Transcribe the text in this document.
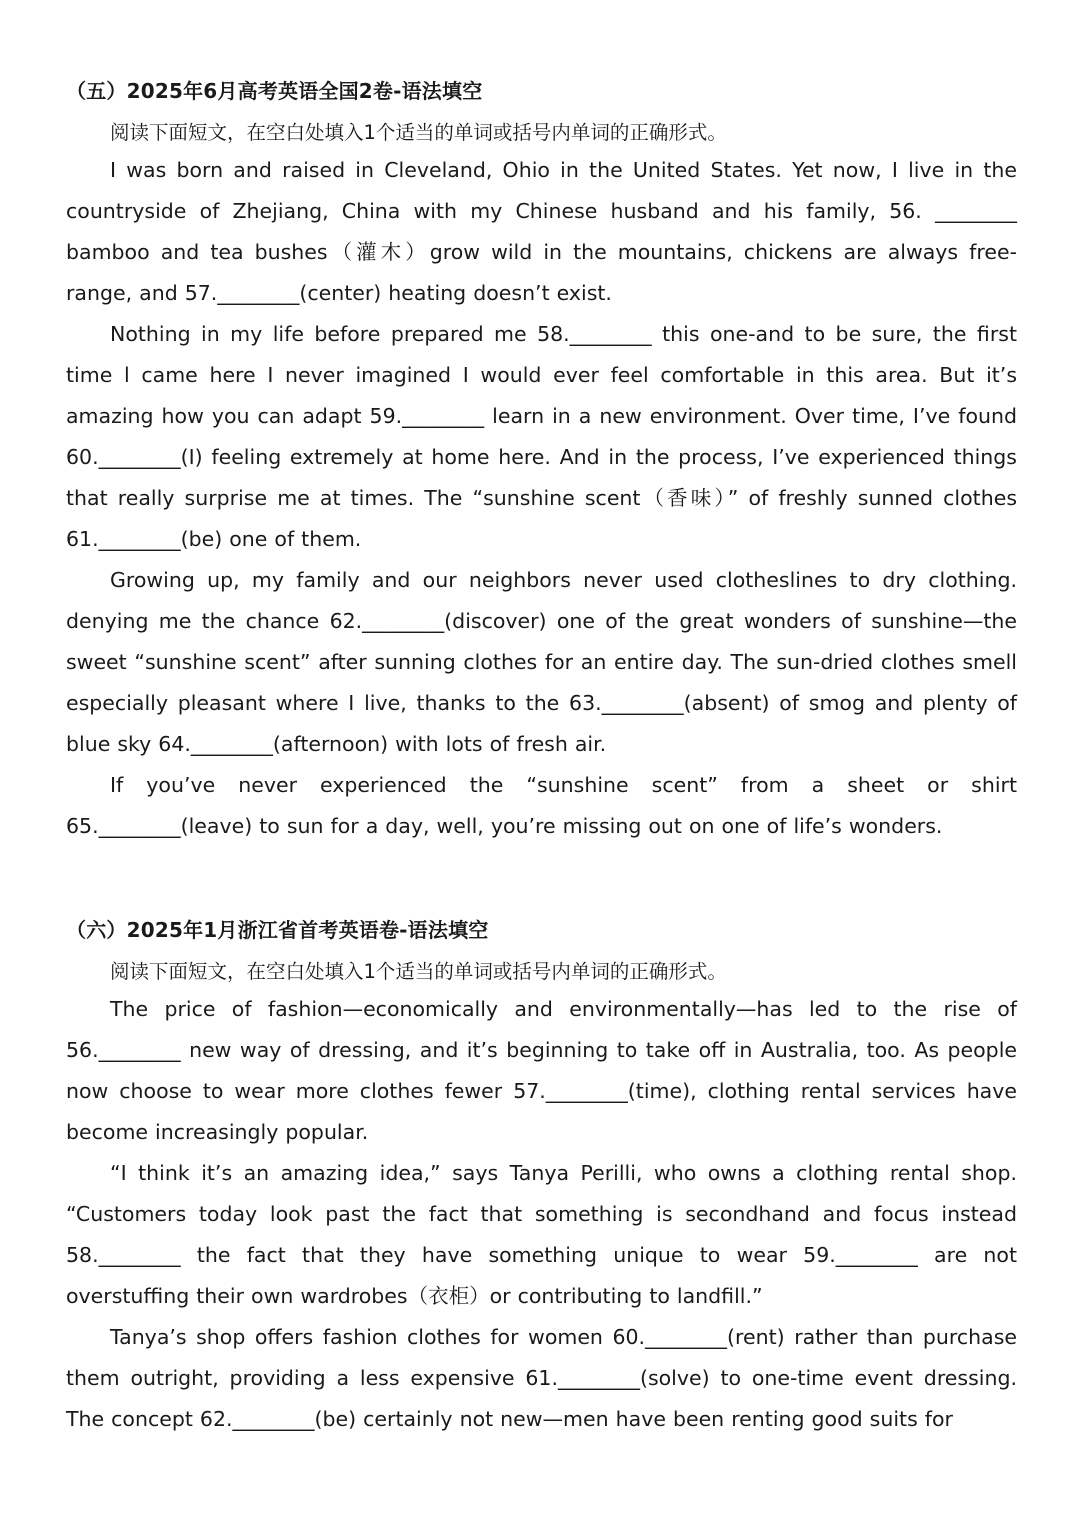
（五）2025年6月高考英语全国2卷-语法填空

阅读下面短文，在空白处填入1个适当的单词或括号内单词的正确形式。

I was born and raised in Cleveland, Ohio in the United States. Yet now, I live in the countryside of Zhejiang, China with my Chinese husband and his family, 56. ________ bamboo and tea bushes（灌木）grow wild in the mountains, chickens are always free-range, and 57.________(center) heating doesn’t exist.

Nothing in my life before prepared me 58.________ this one-and to be sure, the first time l came here I never imagined I would ever feel comfortable in this area. But it’s amazing how you can adapt 59.________ learn in a new environment. Over time, I’ve found 60.________(I) feeling extremely at home here. And in the process, I’ve experienced things that really surprise me at times. The “sunshine scent（香味）” of freshly sunned clothes 61.________(be) one of them.

Growing up, my family and our neighbors never used clotheslines to dry clothing. denying me the chance 62.________(discover) one of the great wonders of sunshine—the sweet “sunshine scent” after sunning clothes for an entire day. The sun-dried clothes smell especially pleasant where I live, thanks to the 63.________(absent) of smog and plenty of blue sky 64.________(afternoon) with lots of fresh air.

If you’ve never experienced the “sunshine scent” from a sheet or shirt 65.________(leave) to sun for a day, well, you’re missing out on one of life’s wonders.

（六）2025年1月浙江省首考英语卷-语法填空

阅读下面短文，在空白处填入1个适当的单词或括号内单词的正确形式。

The price of fashion—economically and environmentally—has led to the rise of 56.________ new way of dressing, and it’s beginning to take off in Australia, too. As people now choose to wear more clothes fewer 57.________(time), clothing rental services have become increasingly popular.

“I think it’s an amazing idea,” says Tanya Perilli, who owns a clothing rental shop. “Customers today look past the fact that something is secondhand and focus instead 58.________ the fact that they have something unique to wear 59.________ are not overstuffing their own wardrobes（衣柜）or contributing to landfill.”

Tanya’s shop offers fashion clothes for women 60.________(rent) rather than purchase them outright, providing a less expensive 61.________(solve) to one-time event dressing. The concept 62.________(be) certainly not new—men have been renting good suits for
